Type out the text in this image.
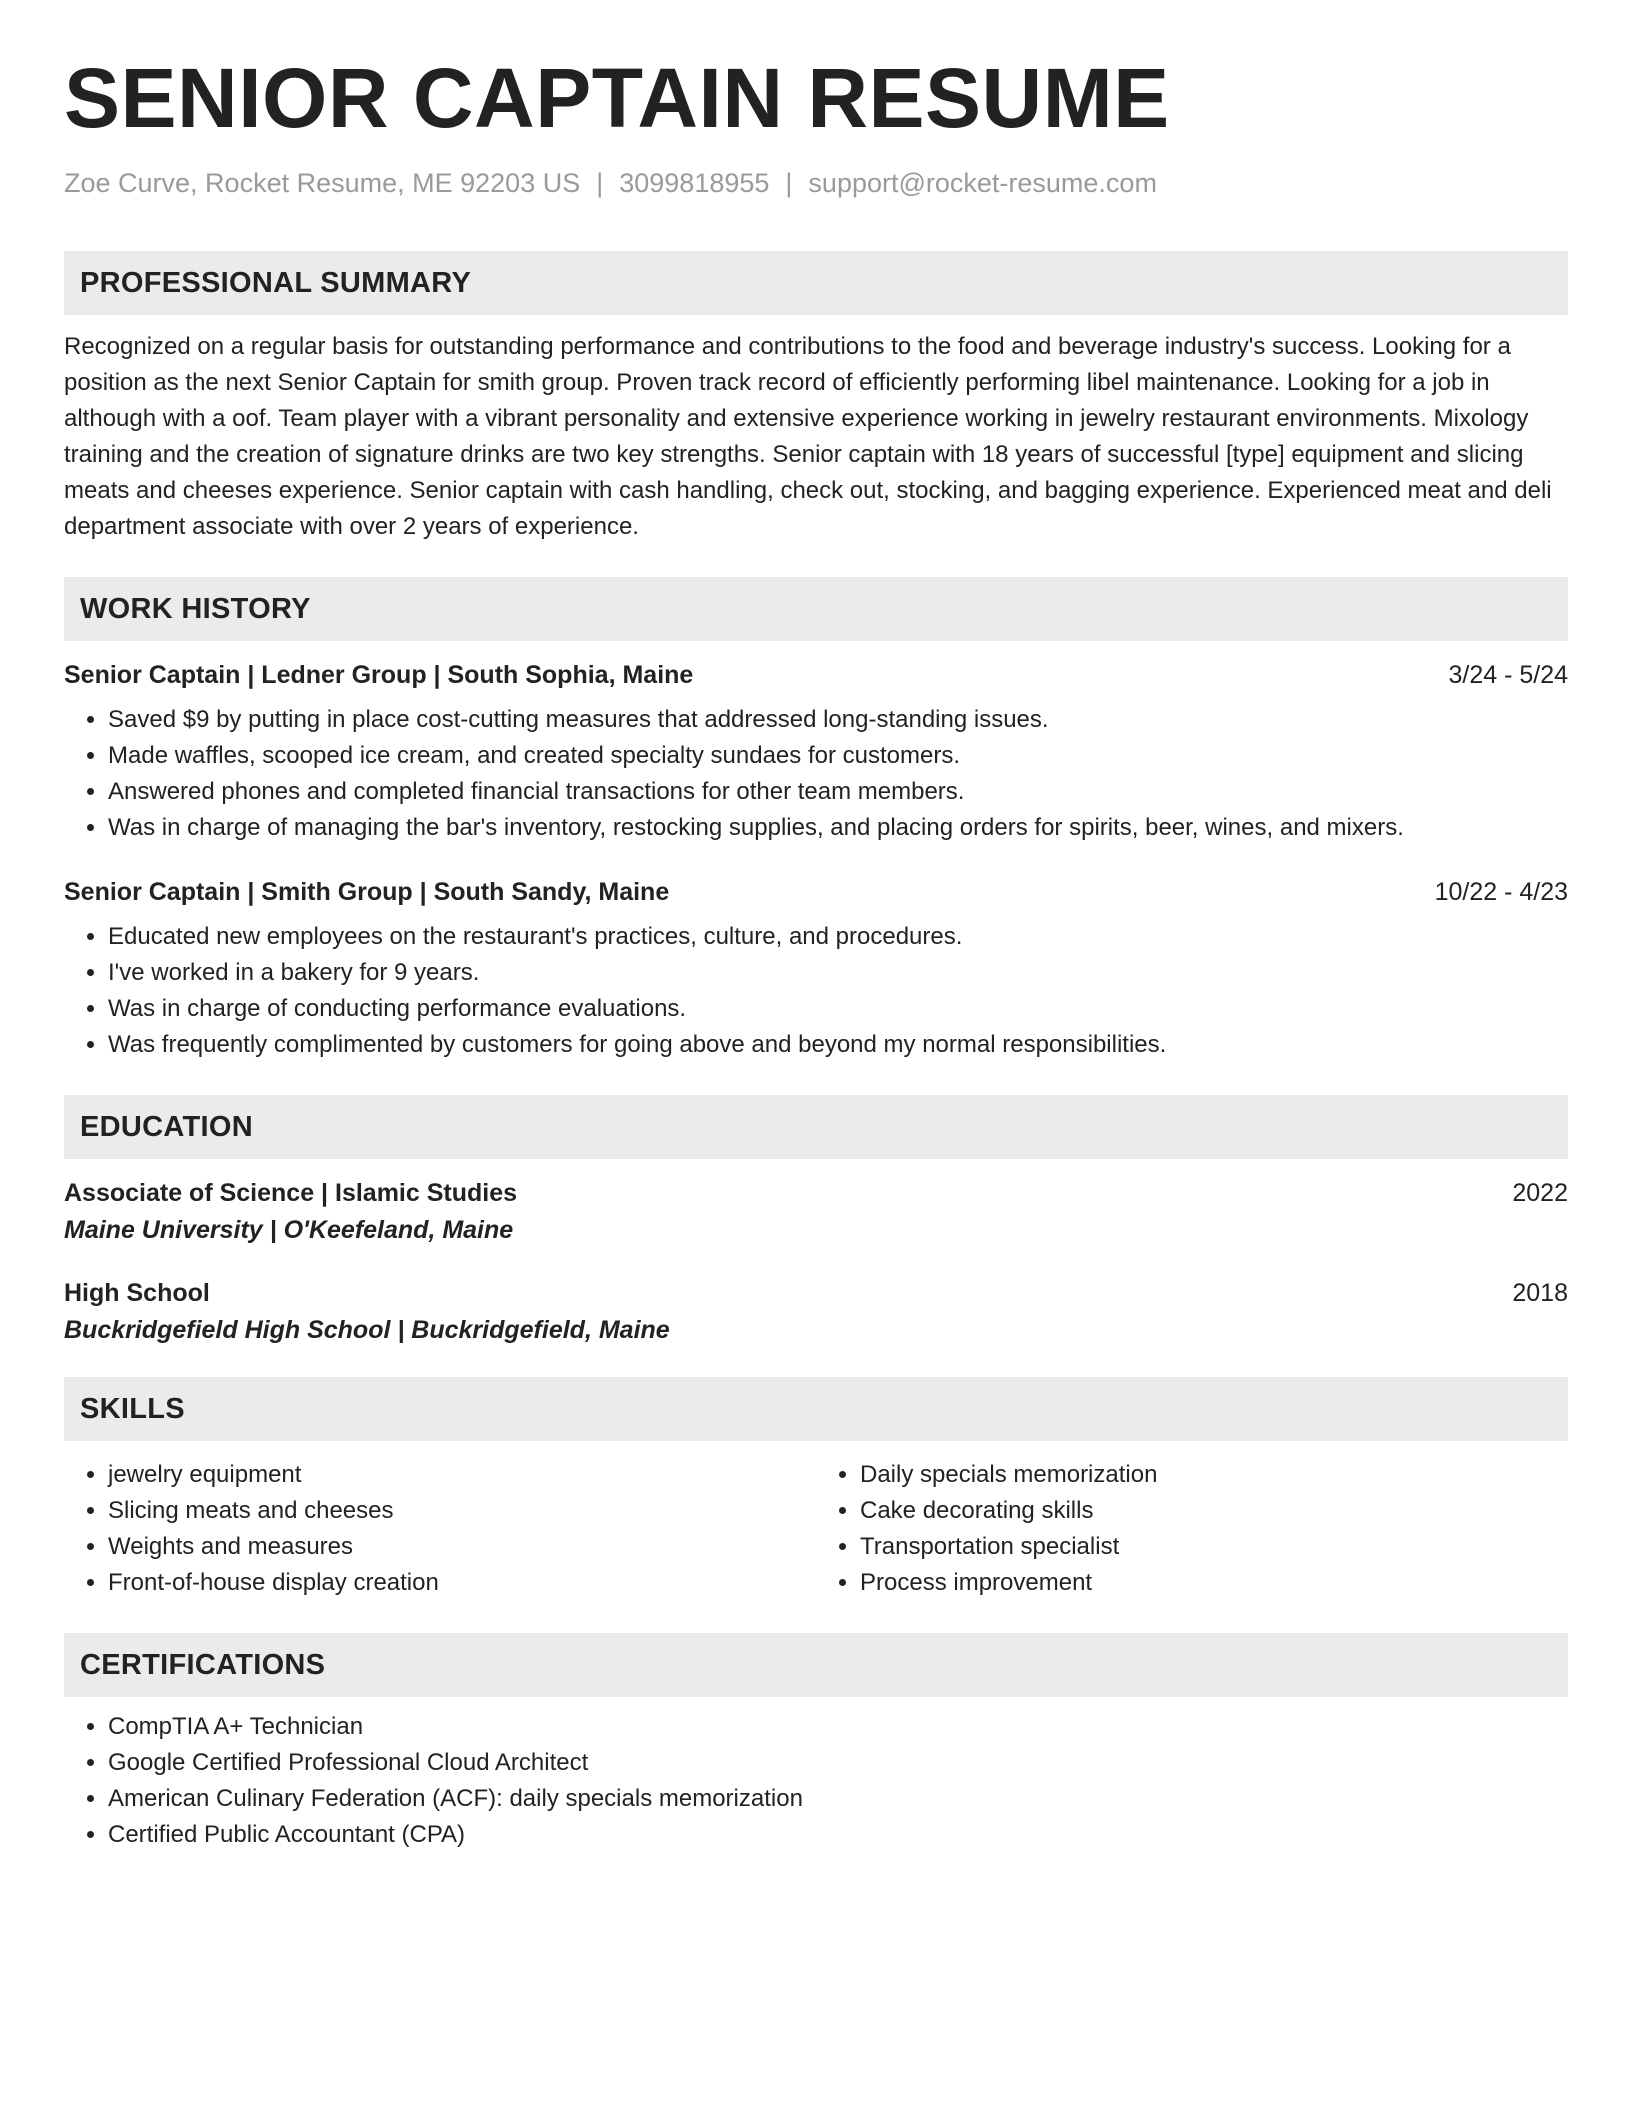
SENIOR CAPTAIN RESUME
Zoe Curve, Rocket Resume, ME 92203 US | 3099818955 | support@rocket-resume.com
PROFESSIONAL SUMMARY
Recognized on a regular basis for outstanding performance and contributions to the food and beverage industry's success. Looking for a position as the next Senior Captain for smith group. Proven track record of efficiently performing libel maintenance. Looking for a job in although with a oof. Team player with a vibrant personality and extensive experience working in jewelry restaurant environments. Mixology training and the creation of signature drinks are two key strengths. Senior captain with 18 years of successful [type] equipment and slicing meats and cheeses experience. Senior captain with cash handling, check out, stocking, and bagging experience. Experienced meat and deli department associate with over 2 years of experience.
WORK HISTORY
Senior Captain | Ledner Group | South Sophia, Maine	3/24 - 5/24
• Saved $9 by putting in place cost-cutting measures that addressed long-standing issues.
• Made waffles, scooped ice cream, and created specialty sundaes for customers.
• Answered phones and completed financial transactions for other team members.
• Was in charge of managing the bar's inventory, restocking supplies, and placing orders for spirits, beer, wines, and mixers.
Senior Captain | Smith Group | South Sandy, Maine	10/22 - 4/23
• Educated new employees on the restaurant's practices, culture, and procedures.
• I've worked in a bakery for 9 years.
• Was in charge of conducting performance evaluations.
• Was frequently complimented by customers for going above and beyond my normal responsibilities.
EDUCATION
Associate of Science | Islamic Studies	2022
Maine University | O'Keefeland, Maine
High School	2018
Buckridgefield High School | Buckridgefield, Maine
SKILLS
• jewelry equipment
• Slicing meats and cheeses
• Weights and measures
• Front-of-house display creation
• Daily specials memorization
• Cake decorating skills
• Transportation specialist
• Process improvement
CERTIFICATIONS
• CompTIA A+ Technician
• Google Certified Professional Cloud Architect
• American Culinary Federation (ACF): daily specials memorization
• Certified Public Accountant (CPA)
